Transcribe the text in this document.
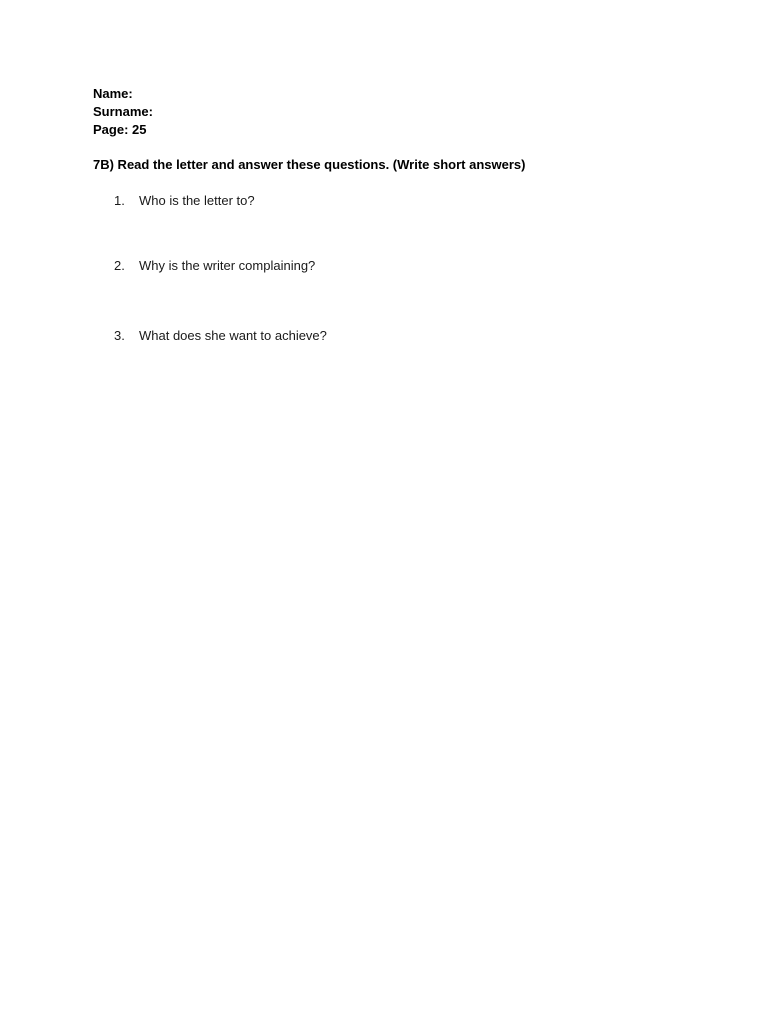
Name:
Surname:
Page: 25
7B) Read the letter and answer these questions. (Write short answers)
1. Who is the letter to?
2. Why is the writer complaining?
3. What does she want to achieve?
